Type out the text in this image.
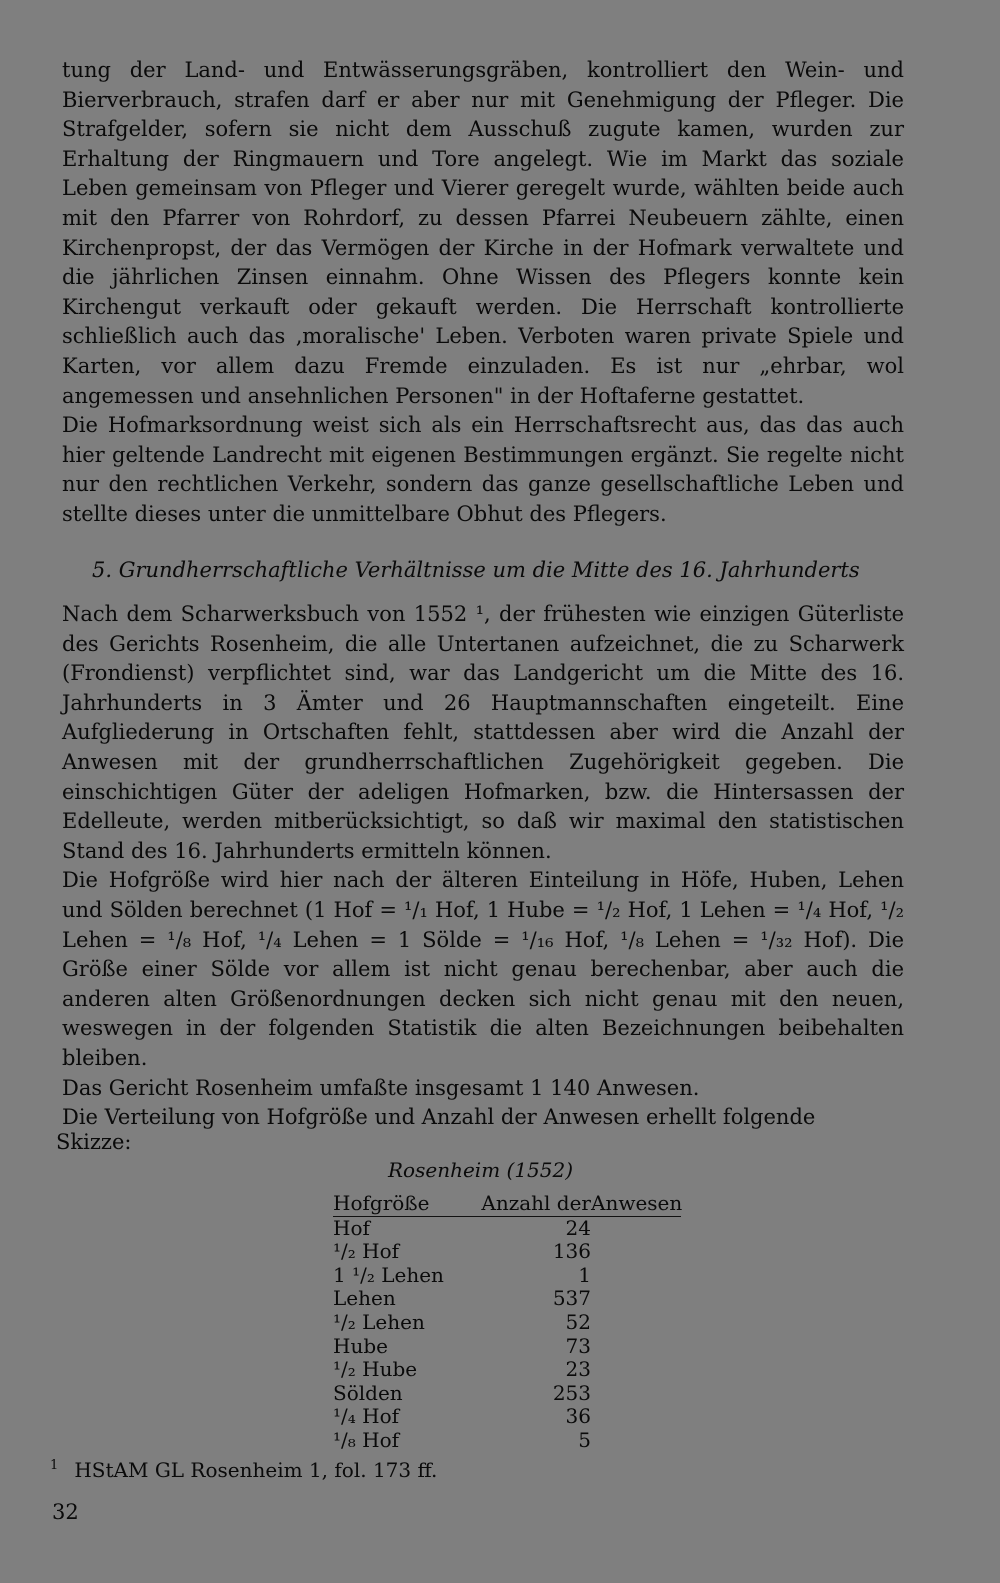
tung der Land- und Entwässerungsgräben, kontrolliert den Wein- und Bierverbrauch, strafen darf er aber nur mit Genehmigung der Pfleger. Die Strafgelder, sofern sie nicht dem Ausschuß zugute kamen, wurden zur Erhaltung der Ringmauern und Tore angelegt. Wie im Markt das soziale Leben gemeinsam von Pfleger und Vierer geregelt wurde, wählten beide auch mit den Pfarrer von Rohrdorf, zu dessen Pfarrei Neubeuern zählte, einen Kirchenpropst, der das Vermögen der Kirche in der Hofmark verwaltete und die jährlichen Zinsen einnahm. Ohne Wissen des Pflegers konnte kein Kirchengut verkauft oder gekauft werden. Die Herrschaft kontrollierte schließlich auch das ‚moralische' Leben. Verboten waren private Spiele und Karten, vor allem dazu Fremde einzuladen. Es ist nur „ehrbar, wol angemessen und ansehnlichen Personen" in der Hoftaferne gestattet.

Die Hofmarksordnung weist sich als ein Herrschaftsrecht aus, das das auch hier geltende Landrecht mit eigenen Bestimmungen ergänzt. Sie regelte nicht nur den rechtlichen Verkehr, sondern das ganze gesellschaftliche Leben und stellte dieses unter die unmittelbare Obhut des Pflegers.

5. Grundherrschaftliche Verhältnisse um die Mitte des 16. Jahrhunderts

Nach dem Scharwerksbuch von 1552 ¹, der frühesten wie einzigen Güterliste des Gerichts Rosenheim, die alle Untertanen aufzeichnet, die zu Scharwerk (Frondienst) verpflichtet sind, war das Landgericht um die Mitte des 16. Jahrhunderts in 3 Ämter und 26 Hauptmannschaften eingeteilt. Eine Aufgliederung in Ortschaften fehlt, stattdessen aber wird die Anzahl der Anwesen mit der grundherrschaftlichen Zugehörigkeit gegeben. Die einschichtigen Güter der adeligen Hofmarken, bzw. die Hintersassen der Edelleute, werden mitberücksichtigt, so daß wir maximal den statistischen Stand des 16. Jahrhunderts ermitteln können.

Die Hofgröße wird hier nach der älteren Einteilung in Höfe, Huben, Lehen und Sölden berechnet (1 Hof = ¹/₁ Hof, 1 Hube = ¹/₂ Hof, 1 Lehen = ¹/₄ Hof, ¹/₂ Lehen = ¹/₈ Hof, ¹/₄ Lehen = 1 Sölde = ¹/₁₆ Hof, ¹/₈ Lehen = ¹/₃₂ Hof). Die Größe einer Sölde vor allem ist nicht genau berechenbar, aber auch die anderen alten Größenordnungen decken sich nicht genau mit den neuen, weswegen in der folgenden Statistik die alten Bezeichnungen beibehalten bleiben.

Das Gericht Rosenheim umfaßte insgesamt 1 140 Anwesen.

Die Verteilung von Hofgröße und Anzahl der Anwesen erhellt folgende

Skizze:
Rosenheim (1552)
Hofgröße	Anzahl der Anwesen
Hof	24
¹/₂ Hof	136
1 ¹/₂ Lehen	1
Lehen	537
¹/₂ Lehen	52
Hube	73
¹/₂ Hube	23
Sölden	253
¹/₄ Hof	36
¹/₈ Hof	5
1 HStAM GL Rosenheim 1, fol. 173 ff.
32
